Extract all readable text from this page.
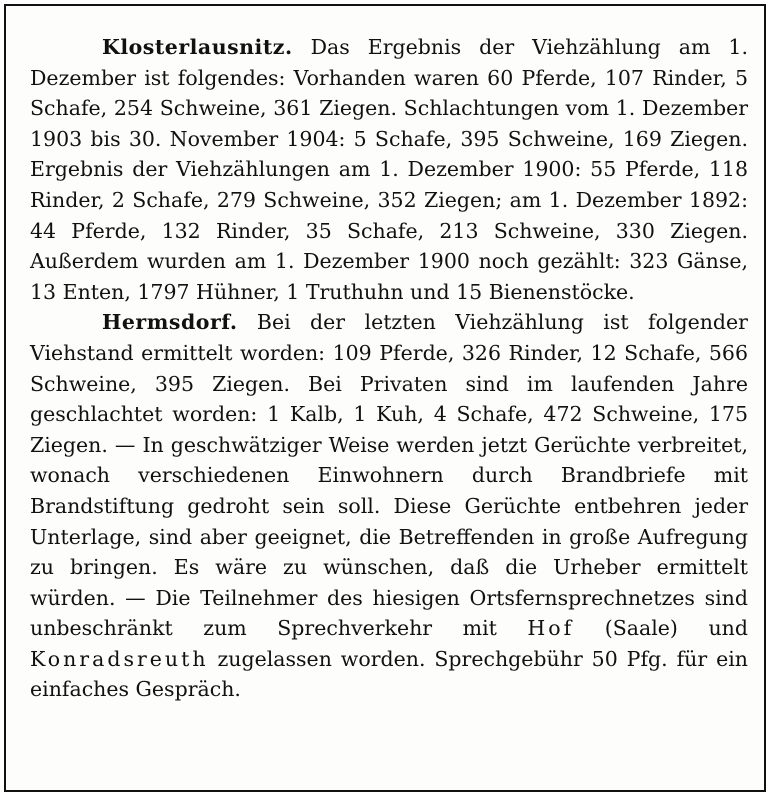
Klosterlausnitz. Das Ergebnis der Viehzählung am 1. Dezember ist folgendes: Vorhanden waren 60 Pferde, 107 Rinder, 5 Schafe, 254 Schweine, 361 Ziegen. Schlachtungen vom 1. Dezember 1903 bis 30. November 1904: 5 Schafe, 395 Schweine, 169 Ziegen. Ergebnis der Viehzählungen am 1. Dezember 1900: 55 Pferde, 118 Rinder, 2 Schafe, 279 Schweine, 352 Ziegen; am 1. Dezember 1892: 44 Pferde, 132 Rinder, 35 Schafe, 213 Schweine, 330 Ziegen. Außerdem wurden am 1. Dezember 1900 noch gezählt: 323 Gänse, 13 Enten, 1797 Hühner, 1 Truthuhn und 15 Bienenstöcke.

Hermsdorf. Bei der letzten Viehzählung ist folgender Viehstand ermittelt worden: 109 Pferde, 326 Rinder, 12 Schafe, 566 Schweine, 395 Ziegen. Bei Privaten sind im laufenden Jahre geschlachtet worden: 1 Kalb, 1 Kuh, 4 Schafe, 472 Schweine, 175 Ziegen. — In geschwätziger Weise werden jetzt Gerüchte verbreitet, wonach verschiedenen Einwohnern durch Brandbriefe mit Brandstiftung gedroht sein soll. Diese Gerüchte entbehren jeder Unterlage, sind aber geeignet, die Betreffenden in große Aufregung zu bringen. Es wäre zu wünschen, daß die Urheber ermittelt würden. — Die Teilnehmer des hiesigen Ortsfernsprechnetzes sind unbeschränkt zum Sprechverkehr mit Hof (Saale) und Konradsreuth zugelassen worden. Sprechgebühr 50 Pfg. für ein einfaches Gespräch.
